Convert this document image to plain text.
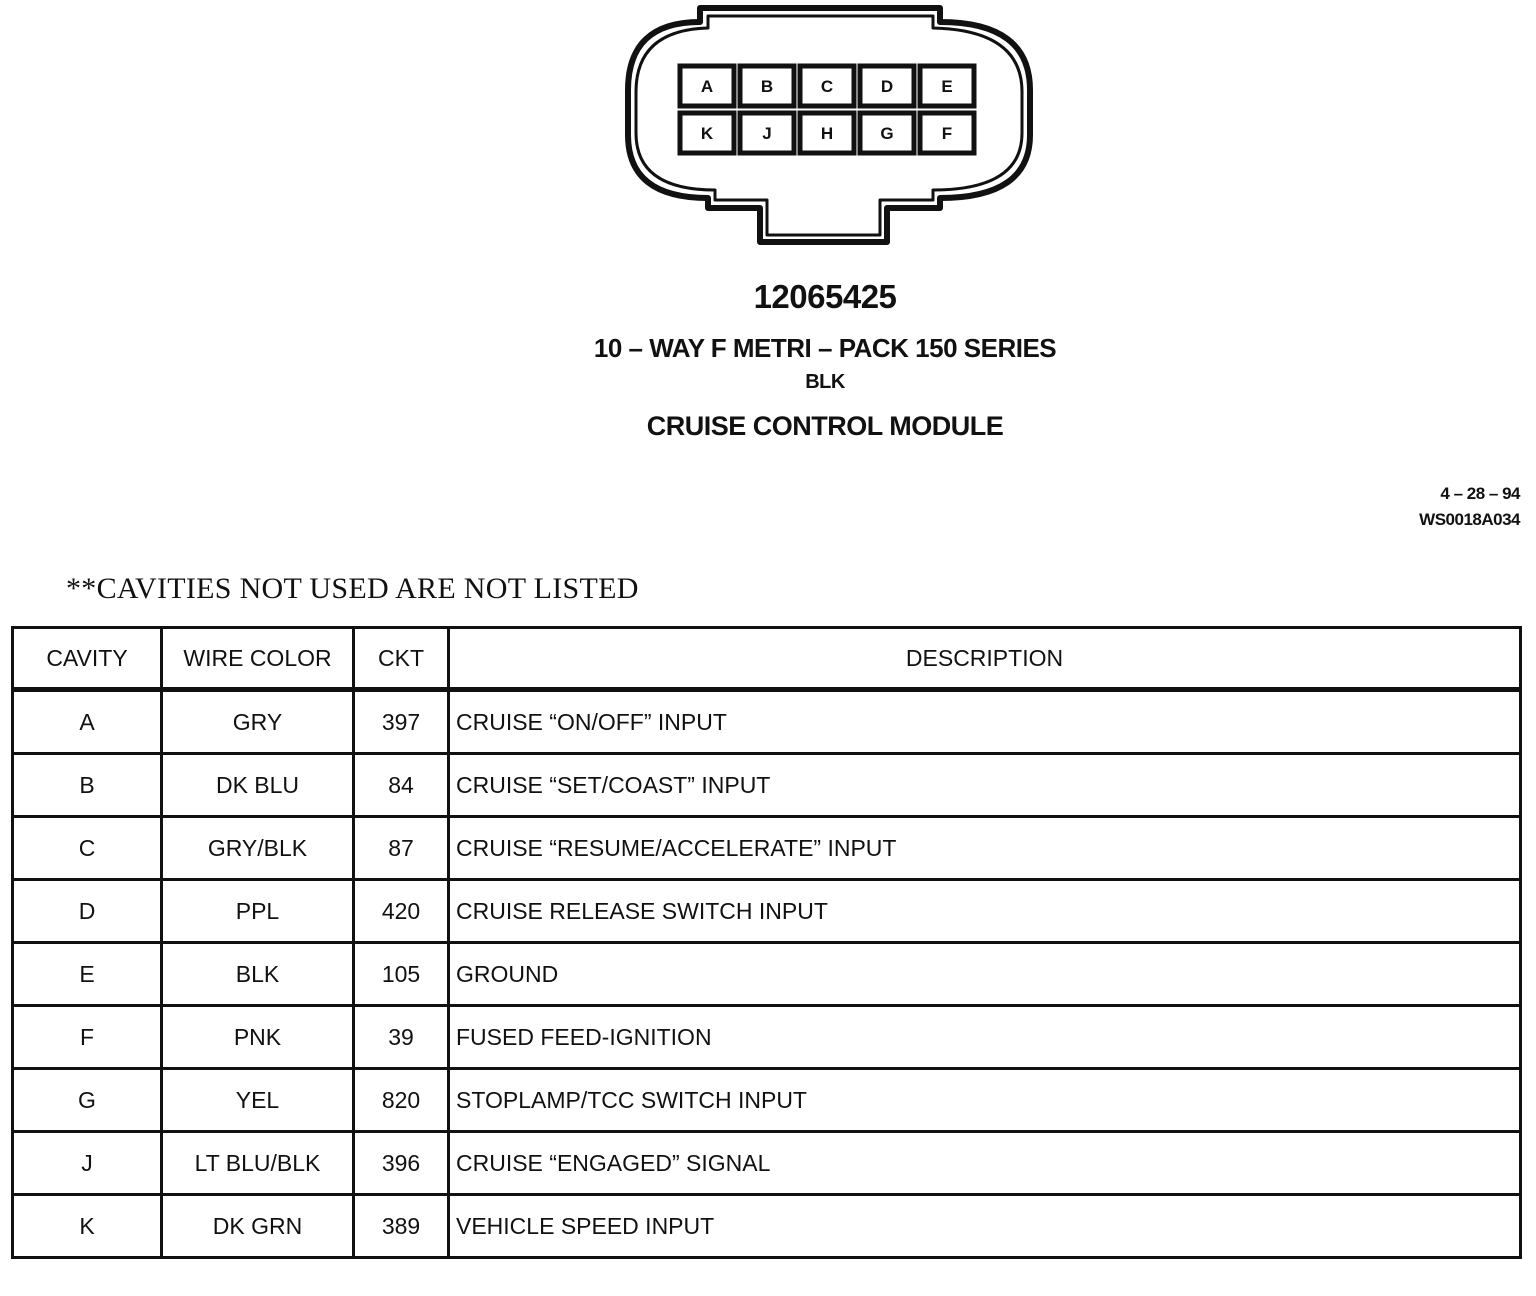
A	B	C	D	E
K	J	H	G	F
12065425
10 – WAY F METRI – PACK 150 SERIES
BLK
CRUISE CONTROL MODULE
4 – 28 – 94
WS0018A034
**CAVITIES NOT USED ARE NOT LISTED
CAVITY	WIRE COLOR	CKT	DESCRIPTION
A	GRY	397	CRUISE “ON/OFF” INPUT
B	DK BLU	84	CRUISE “SET/COAST” INPUT
C	GRY/BLK	87	CRUISE “RESUME/ACCELERATE” INPUT
D	PPL	420	CRUISE RELEASE SWITCH INPUT
E	BLK	105	GROUND
F	PNK	39	FUSED FEED-IGNITION
G	YEL	820	STOPLAMP/TCC SWITCH INPUT
J	LT BLU/BLK	396	CRUISE “ENGAGED” SIGNAL
K	DK GRN	389	VEHICLE SPEED INPUT
